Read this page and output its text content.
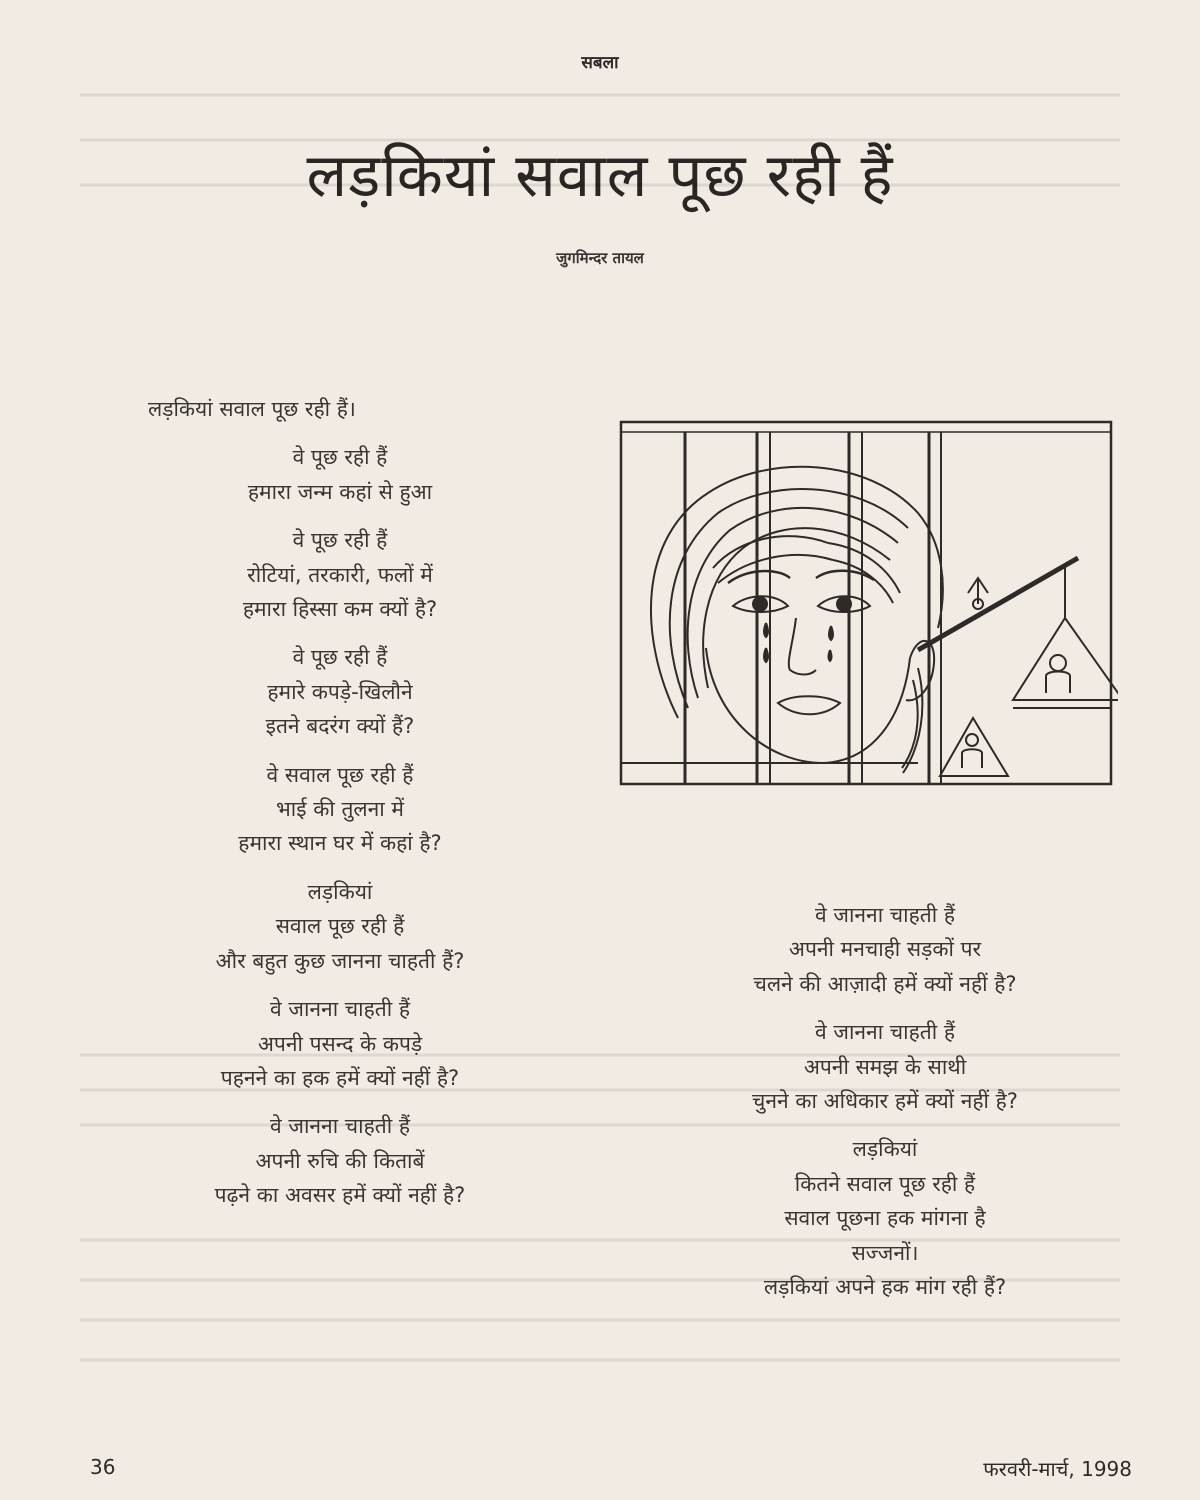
सबला
लड़कियां सवाल पूछ रही हैं
जुगमिन्दर तायल
लड़कियां सवाल पूछ रही हैं।
वे पूछ रही हैं
हमारा जन्म कहां से हुआ
वे पूछ रही हैं
रोटियां, तरकारी, फलों में
हमारा हिस्सा कम क्यों है?
वे पूछ रही हैं
हमारे कपड़े-खिलौने
इतने बदरंग क्यों हैं?
वे सवाल पूछ रही हैं
भाई की तुलना में
हमारा स्थान घर में कहां है?
लड़कियां
सवाल पूछ रही हैं
और बहुत कुछ जानना चाहती हैं?
वे जानना चाहती हैं
अपनी पसन्द के कपड़े
पहनने का हक हमें क्यों नहीं है?
वे जानना चाहती हैं
अपनी रुचि की किताबें
पढ़ने का अवसर हमें क्यों नहीं है?
वे जानना चाहती हैं
अपनी मनचाही सड़कों पर
चलने की आज़ादी हमें क्यों नहीं है?
वे जानना चाहती हैं
अपनी समझ के साथी
चुनने का अधिकार हमें क्यों नहीं है?
लड़कियां
कितने सवाल पूछ रही हैं
सवाल पूछना हक मांगना है
सज्जनों।
लड़कियां अपने हक मांग रही हैं?
36	फरवरी-मार्च, 1998
